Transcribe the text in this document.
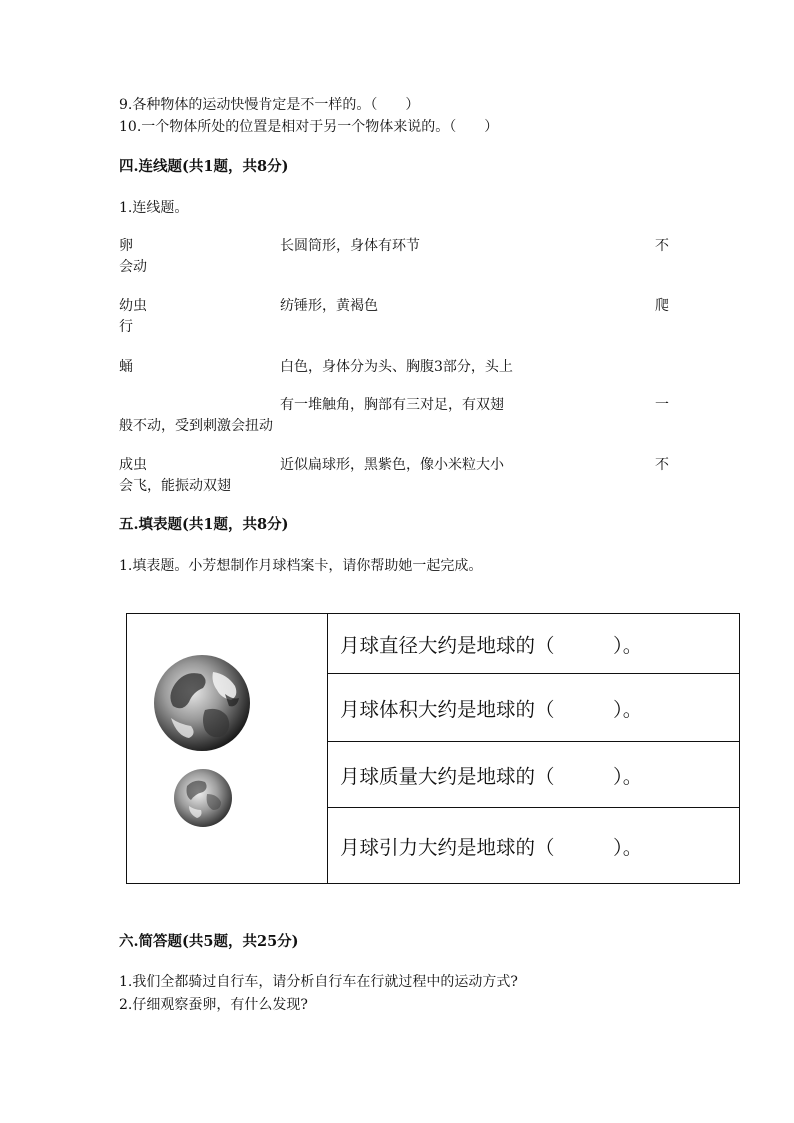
9.各种物体的运动快慢肯定是不一样的。（　　）
10.一个物体所处的位置是相对于另一个物体来说的。（　　）
四.连线题(共1题，共8分)
1.连线题。
卵	长圆筒形，身体有环节	不
会动
幼虫	纺锤形，黄褐色	爬
行
蛹	白色，身体分为头、胸腹3部分，头上
有一堆触角，胸部有三对足，有双翅	一
般不动，受到刺激会扭动
成虫	近似扁球形，黑紫色，像小米粒大小	不
会飞，能振动双翅
五.填表题(共1题，共8分)
1.填表题。小芳想制作月球档案卡，请你帮助她一起完成。
月球直径大约是地球的（　　　）。
月球体积大约是地球的（　　　）。
月球质量大约是地球的（　　　）。
月球引力大约是地球的（　　　）。
六.简答题(共5题，共25分)
1.我们全都骑过自行车，请分析自行车在行就过程中的运动方式?
2.仔细观察蚕卵，有什么发现?
